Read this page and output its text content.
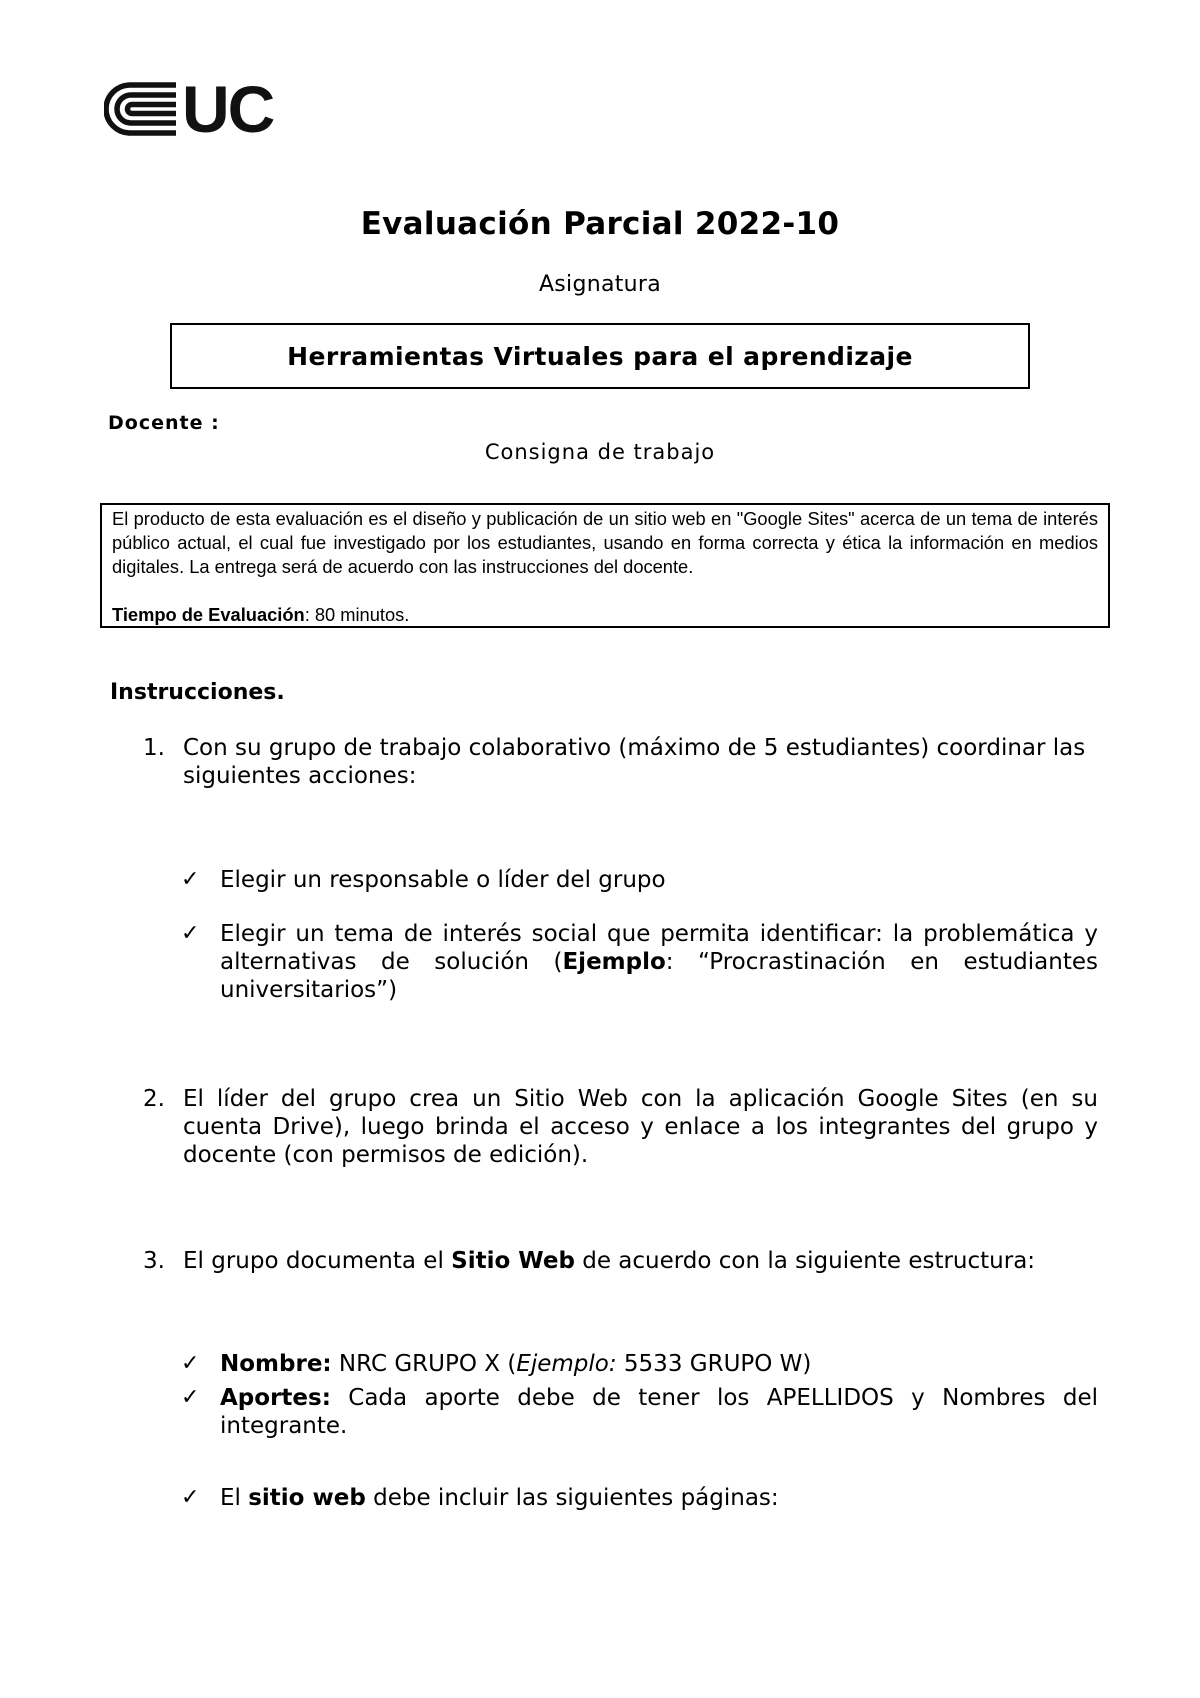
UC
Evaluación Parcial 2022-10
Asignatura
Herramientas Virtuales para el aprendizaje
Docente :
Consigna de trabajo

El producto de esta evaluación es el diseño y publicación de un sitio web en "Google Sites" acerca de un tema de interés público actual, el cual fue investigado por los estudiantes, usando en forma correcta y ética la información en medios digitales. La entrega será de acuerdo con las instrucciones del docente.

Tiempo de Evaluación: 80 minutos.

Instrucciones.
1. Con su grupo de trabajo colaborativo (máximo de 5 estudiantes) coordinar las siguientes acciones:
✓ Elegir un responsable o líder del grupo
✓ Elegir un tema de interés social que permita identificar: la problemática y alternativas de solución (Ejemplo: “Procrastinación en estudiantes universitarios”)
2. El líder del grupo crea un Sitio Web con la aplicación Google Sites (en su cuenta Drive), luego brinda el acceso y enlace a los integrantes del grupo y docente (con permisos de edición).
3. El grupo documenta el Sitio Web de acuerdo con la siguiente estructura:
✓ Nombre: NRC GRUPO X (Ejemplo: 5533 GRUPO W)
✓ Aportes: Cada aporte debe de tener los APELLIDOS y Nombres del integrante.
✓ El sitio web debe incluir las siguientes páginas:
